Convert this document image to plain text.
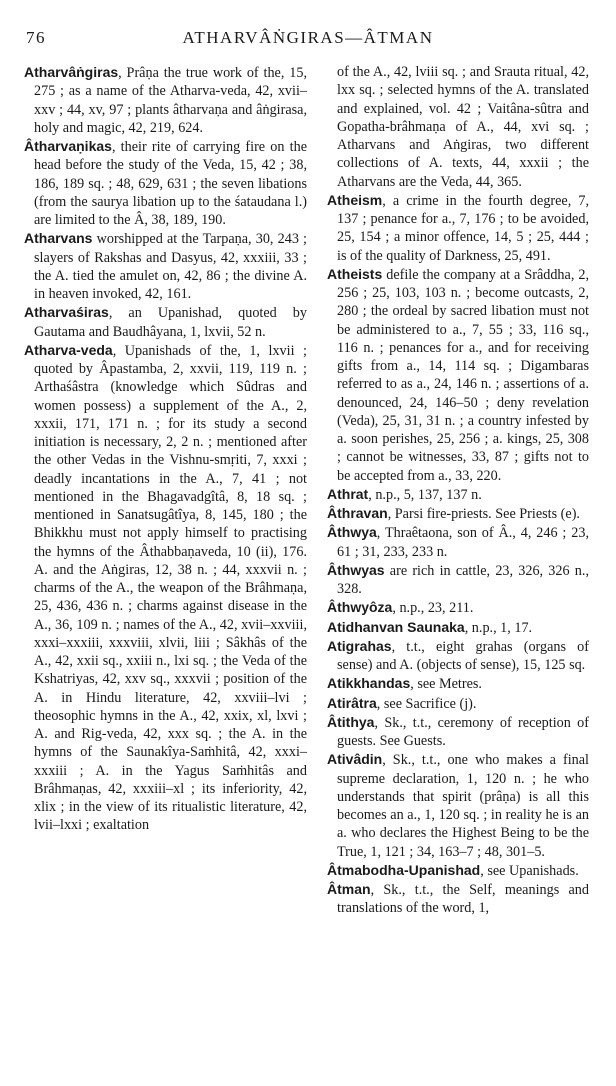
76	ATHARVÂṄGIRAS—ÂTMAN

Atharvâṅgiras, Prâṇa the true work of the, 15, 275 ; as a name of the Atharva-veda, 42, xvii–xxv ; 44, xv, 97 ; plants âtharvaṇa and âṅgirasa, holy and magic, 42, 219, 624.

Âtharvaṇikas, their rite of carrying fire on the head before the study of the Veda, 15, 42 ; 38, 186, 189 sq. ; 48, 629, 631 ; the seven libations (from the saurya libation up to the śataudana l.) are limited to the Â, 38, 189, 190.

Atharvans worshipped at the Tarpaṇa, 30, 243 ; slayers of Rakshas and Dasyus, 42, xxxiii, 33 ; the A. tied the amulet on, 42, 86 ; the divine A. in heaven invoked, 42, 161.

Atharvaśiras, an Upanishad, quoted by Gautama and Baudhâyana, 1, lxvii, 52 n.

Atharva-veda, Upanishads of the, 1, lxvii ; quoted by Âpastamba, 2, xxvii, 119, 119 n. ; Arthaśâstra (knowledge which Sûdras and women possess) a supplement of the A., 2, xxxii, 171, 171 n. ; for its study a second initiation is necessary, 2, 2 n. ; mentioned after the other Vedas in the Vishnu-smṛiti, 7, xxxi ; deadly incantations in the A., 7, 41 ; not mentioned in the Bhagavadgîtâ, 8, 18 sq. ; mentioned in Sanatsugâtîya, 8, 145, 180 ; the Bhikkhu must not apply himself to practising the hymns of the Âthabbaṇaveda, 10 (ii), 176. A. and the Aṅgiras, 12, 38 n. ; 44, xxxvii n. ; charms of the A., the weapon of the Brâhmaṇa, 25, 436, 436 n. ; charms against disease in the A., 36, 109 n. ; names of the A., 42, xvii–xxviii, xxxi–xxxiii, xxxviii, xlvii, liii ; Sâkhâs of the A., 42, xxii sq., xxiii n., lxi sq. ; the Veda of the Kshatriyas, 42, xxv sq., xxxvii ; position of the A. in Hindu literature, 42, xxviii–lvi ; theosophic hymns in the A., 42, xxix, xl, lxvi ; A. and Rig-veda, 42, xxx sq. ; the A. in the hymns of the Saunakîya-Saṁhitâ, 42, xxxi–xxxiii ; A. in the Yagus Saṁhitâs and Brâhmaṇas, 42, xxxiii–xl ; its inferiority, 42, xlix ; in the view of its ritualistic literature, 42, lvii–lxxi ; exaltation

of the A., 42, lviii sq. ; and Srauta ritual, 42, lxx sq. ; selected hymns of the A. translated and explained, vol. 42 ; Vaitâna-sûtra and Gopatha-brâhmaṇa of A., 44, xvi sq. ; Atharvans and Aṅgiras, two different collections of A. texts, 44, xxxii ; the Atharvans are the Veda, 44, 365.

Atheism, a crime in the fourth degree, 7, 137 ; penance for a., 7, 176 ; to be avoided, 25, 154 ; a minor offence, 14, 5 ; 25, 444 ; is of the quality of Darkness, 25, 491.

Atheists defile the company at a Srâddha, 2, 256 ; 25, 103, 103 n. ; become outcasts, 2, 280 ; the ordeal by sacred libation must not be administered to a., 7, 55 ; 33, 116 sq., 116 n. ; penances for a., and for receiving gifts from a., 14, 114 sq. ; Digambaras referred to as a., 24, 146 n. ; assertions of a. denounced, 24, 146–50 ; deny revelation (Veda), 25, 31, 31 n. ; a country infested by a. soon perishes, 25, 256 ; a. kings, 25, 308 ; cannot be witnesses, 33, 87 ; gifts not to be accepted from a., 33, 220.

Athrat, n.p., 5, 137, 137 n.

Âthravan, Parsi fire-priests. See Priests (e).

Âthwya, Thraêtaona, son of Â., 4, 246 ; 23, 61 ; 31, 233, 233 n.

Âthwyas are rich in cattle, 23, 326, 326 n., 328.

Âthwyôza, n.p., 23, 211.

Atidhanvan Saunaka, n.p., 1, 17.

Atigrahas, t.t., eight grahas (organs of sense) and A. (objects of sense), 15, 125 sq.

Atikkhandas, see Metres.

Atirâtra, see Sacrifice (j).

Âtithya, Sk., t.t., ceremony of reception of guests. See Guests.

Ativâdin, Sk., t.t., one who makes a final supreme declaration, 1, 120 n. ; he who understands that spirit (prâṇa) is all this becomes an a., 1, 120 sq. ; in reality he is an a. who declares the Highest Being to be the True, 1, 121 ; 34, 163–7 ; 48, 301–5.

Âtmabodha-Upanishad, see Upanishads.

Âtman, Sk., t.t., the Self, meanings and translations of the word, 1,
